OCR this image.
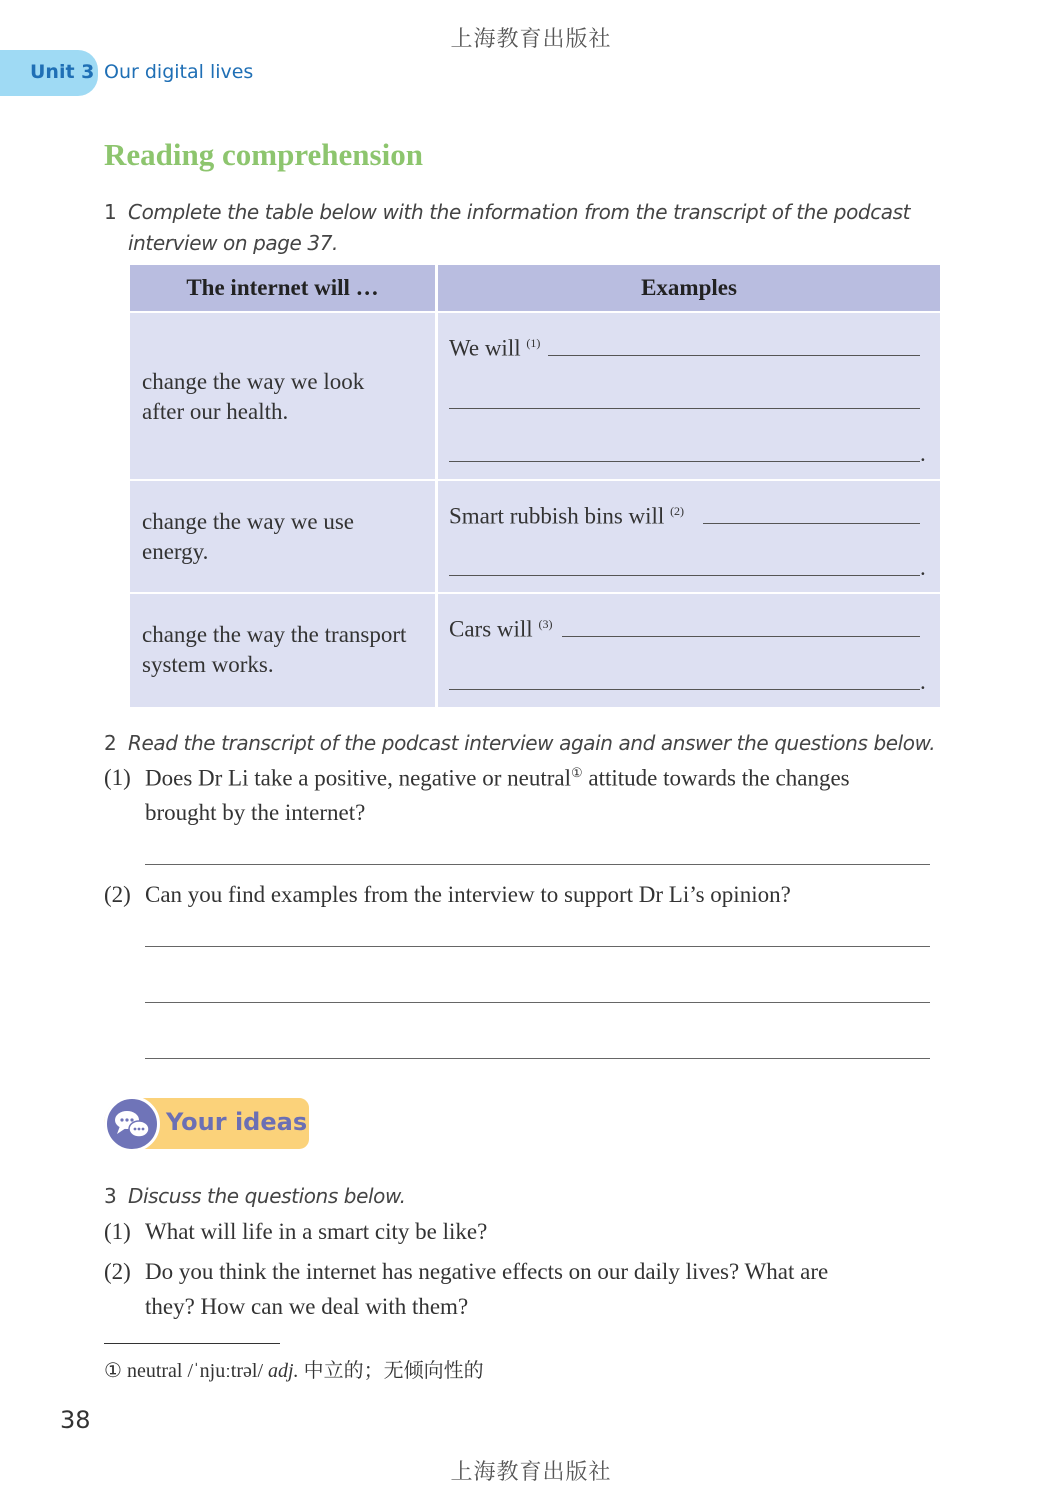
上海教育出版社
Unit 3 Our digital lives
Reading comprehension
1 Complete the table below with the information from the transcript of the podcast
interview on page 37.
The internet will …	Examples
change the way we look
after our health.
We will $^{(1)}$
.
change the way we use
energy.
Smart rubbish bins will $^{(2)}$
.
change the way the transport
system works.
Cars will $^{(3)}$
.
2 Read the transcript of the podcast interview again and answer the questions below.
(1) Does Dr Li take a positive, negative or neutral① attitude towards the changes
brought by the internet?
(2) Can you find examples from the interview to support Dr Li’s opinion?
Your ideas
3 Discuss the questions below.
(1) What will life in a smart city be like?
(2) Do you think the internet has negative effects on our daily lives? What are
they? How can we deal with them?
① neutral /ˈnjuːtrəl/ adj. 中立的；无倾向性的
38
上海教育出版社
